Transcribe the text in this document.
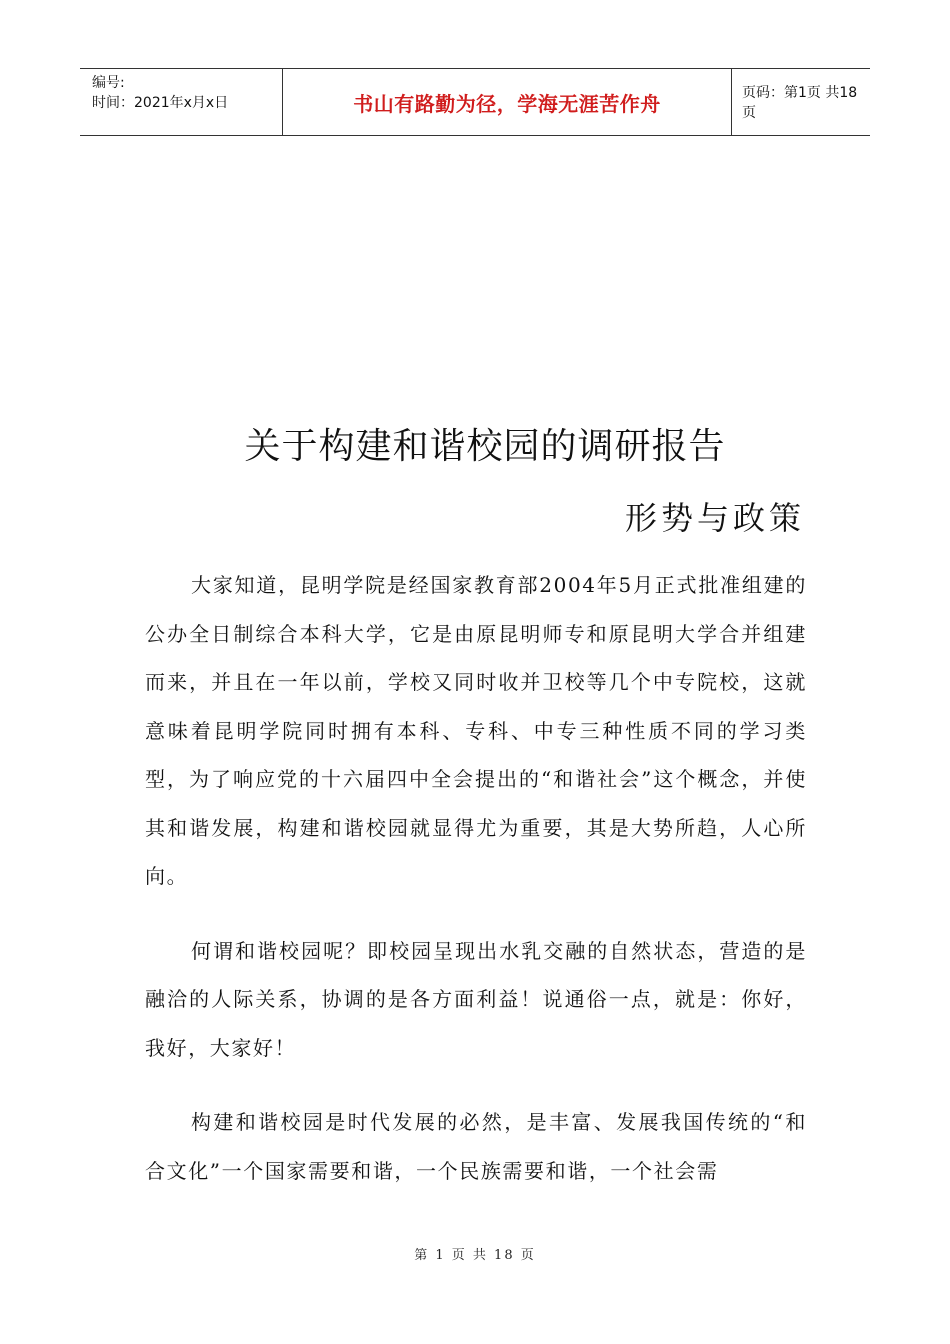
编号:
时间：2021年x月x日	书山有路勤为径，学海无涯苦作舟	页码：第1页 共18页
关于构建和谐校园的调研报告
形势与政策

大家知道，昆明学院是经国家教育部2004年5月正式批准组建的公办全日制综合本科大学，它是由原昆明师专和原昆明大学合并组建而来，并且在一年以前，学校又同时收并卫校等几个中专院校，这就意味着昆明学院同时拥有本科、专科、中专三种性质不同的学习类型，为了响应党的十六届四中全会提出的“和谐社会”这个概念，并使其和谐发展，构建和谐校园就显得尤为重要，其是大势所趋，人心所向。

何谓和谐校园呢？即校园呈现出水乳交融的自然状态，营造的是融洽的人际关系，协调的是各方面利益！说通俗一点，就是：你好，我好，大家好！

构建和谐校园是时代发展的必然，是丰富、发展我国传统的“和合文化”一个国家需要和谐，一个民族需要和谐，一个社会需

第 1 页 共 18 页
